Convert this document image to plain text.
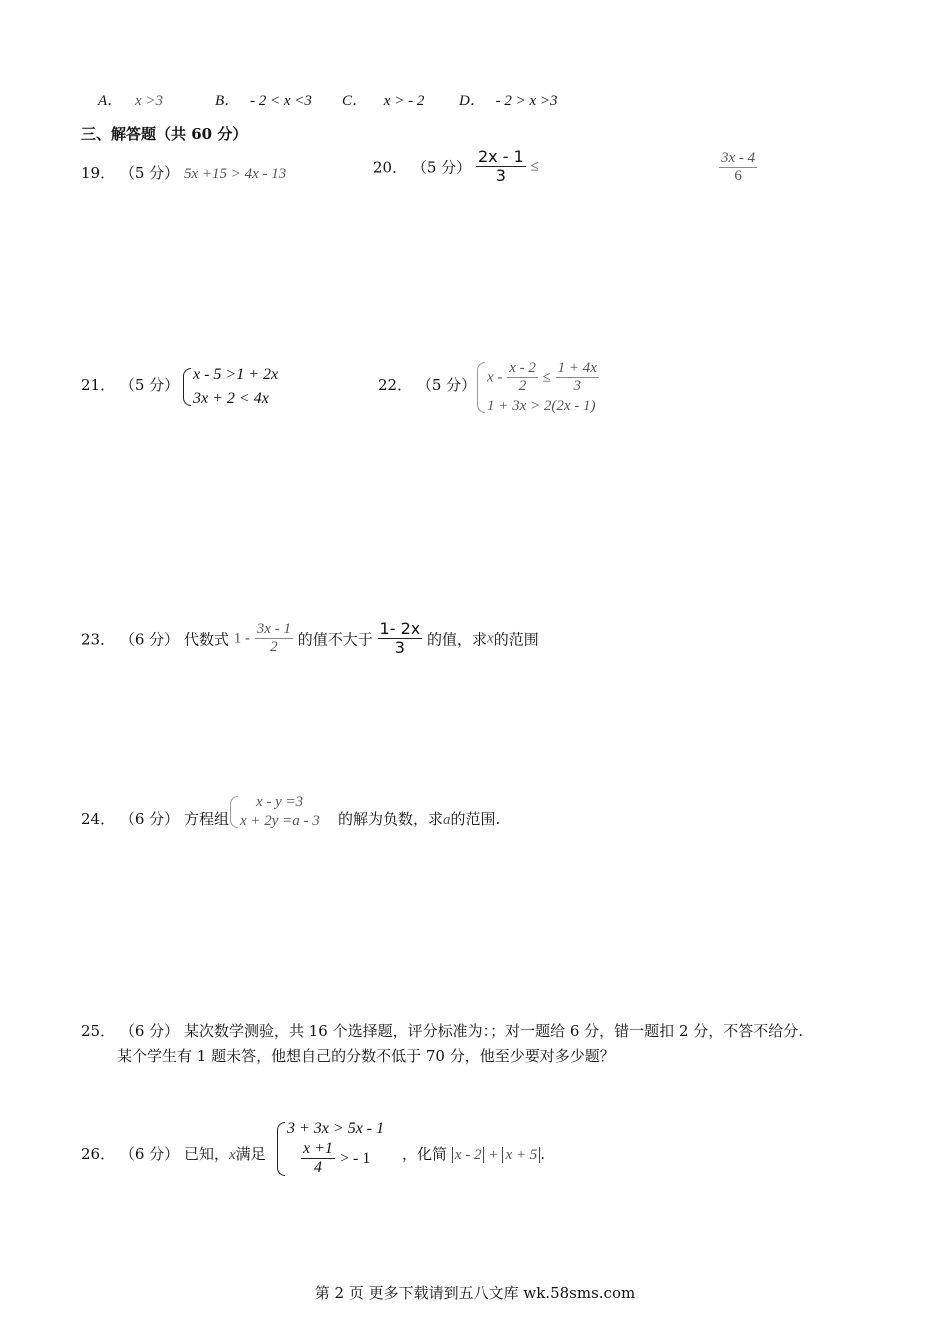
A． x >3	B． - 2 < x <3 C． x > - 2 D． - 2 > x >3
三、解答题（共 60 分）
19． （5 分） 5x +15 > 4x - 13	20． （5 分） $\frac{2x - 1}{3}$ ≤	$\frac{3x - 4}{6}$
21． （5 分）
x - 5 >1 + 2x
3x + 2 < 4x
22． （5 分） $x - \frac{x - 2}{2} \le \frac{1 + 4x}{3}$
1 + 3x > 2(2x - 1)
23． （6 分） 代数式 $1 - \frac{3x - 1}{2}$ 的值不大于 $\frac{1- 2x}{3}$ 的值，求x的范围
24． （6 分） 方程组
x - y =3
x + 2y =a - 3 的解为负数，求a的范围.
25． （6 分） 某次数学测验，共 16 个选择题，评分标准为：；对一题给 6 分，错一题扣 2 分，不答不给分.
某个学生有 1 题未答，他想自己的分数不低于 70 分，他至少要对多少题？
26． （6 分） 已知，x满足
3 + 3x > 5x - 1
$\frac{x +1}{4}$ > - 1	，化简 x - 2 + x + 5 .
第 2 页 更多下载请到五八文库 wk.58sms.com
